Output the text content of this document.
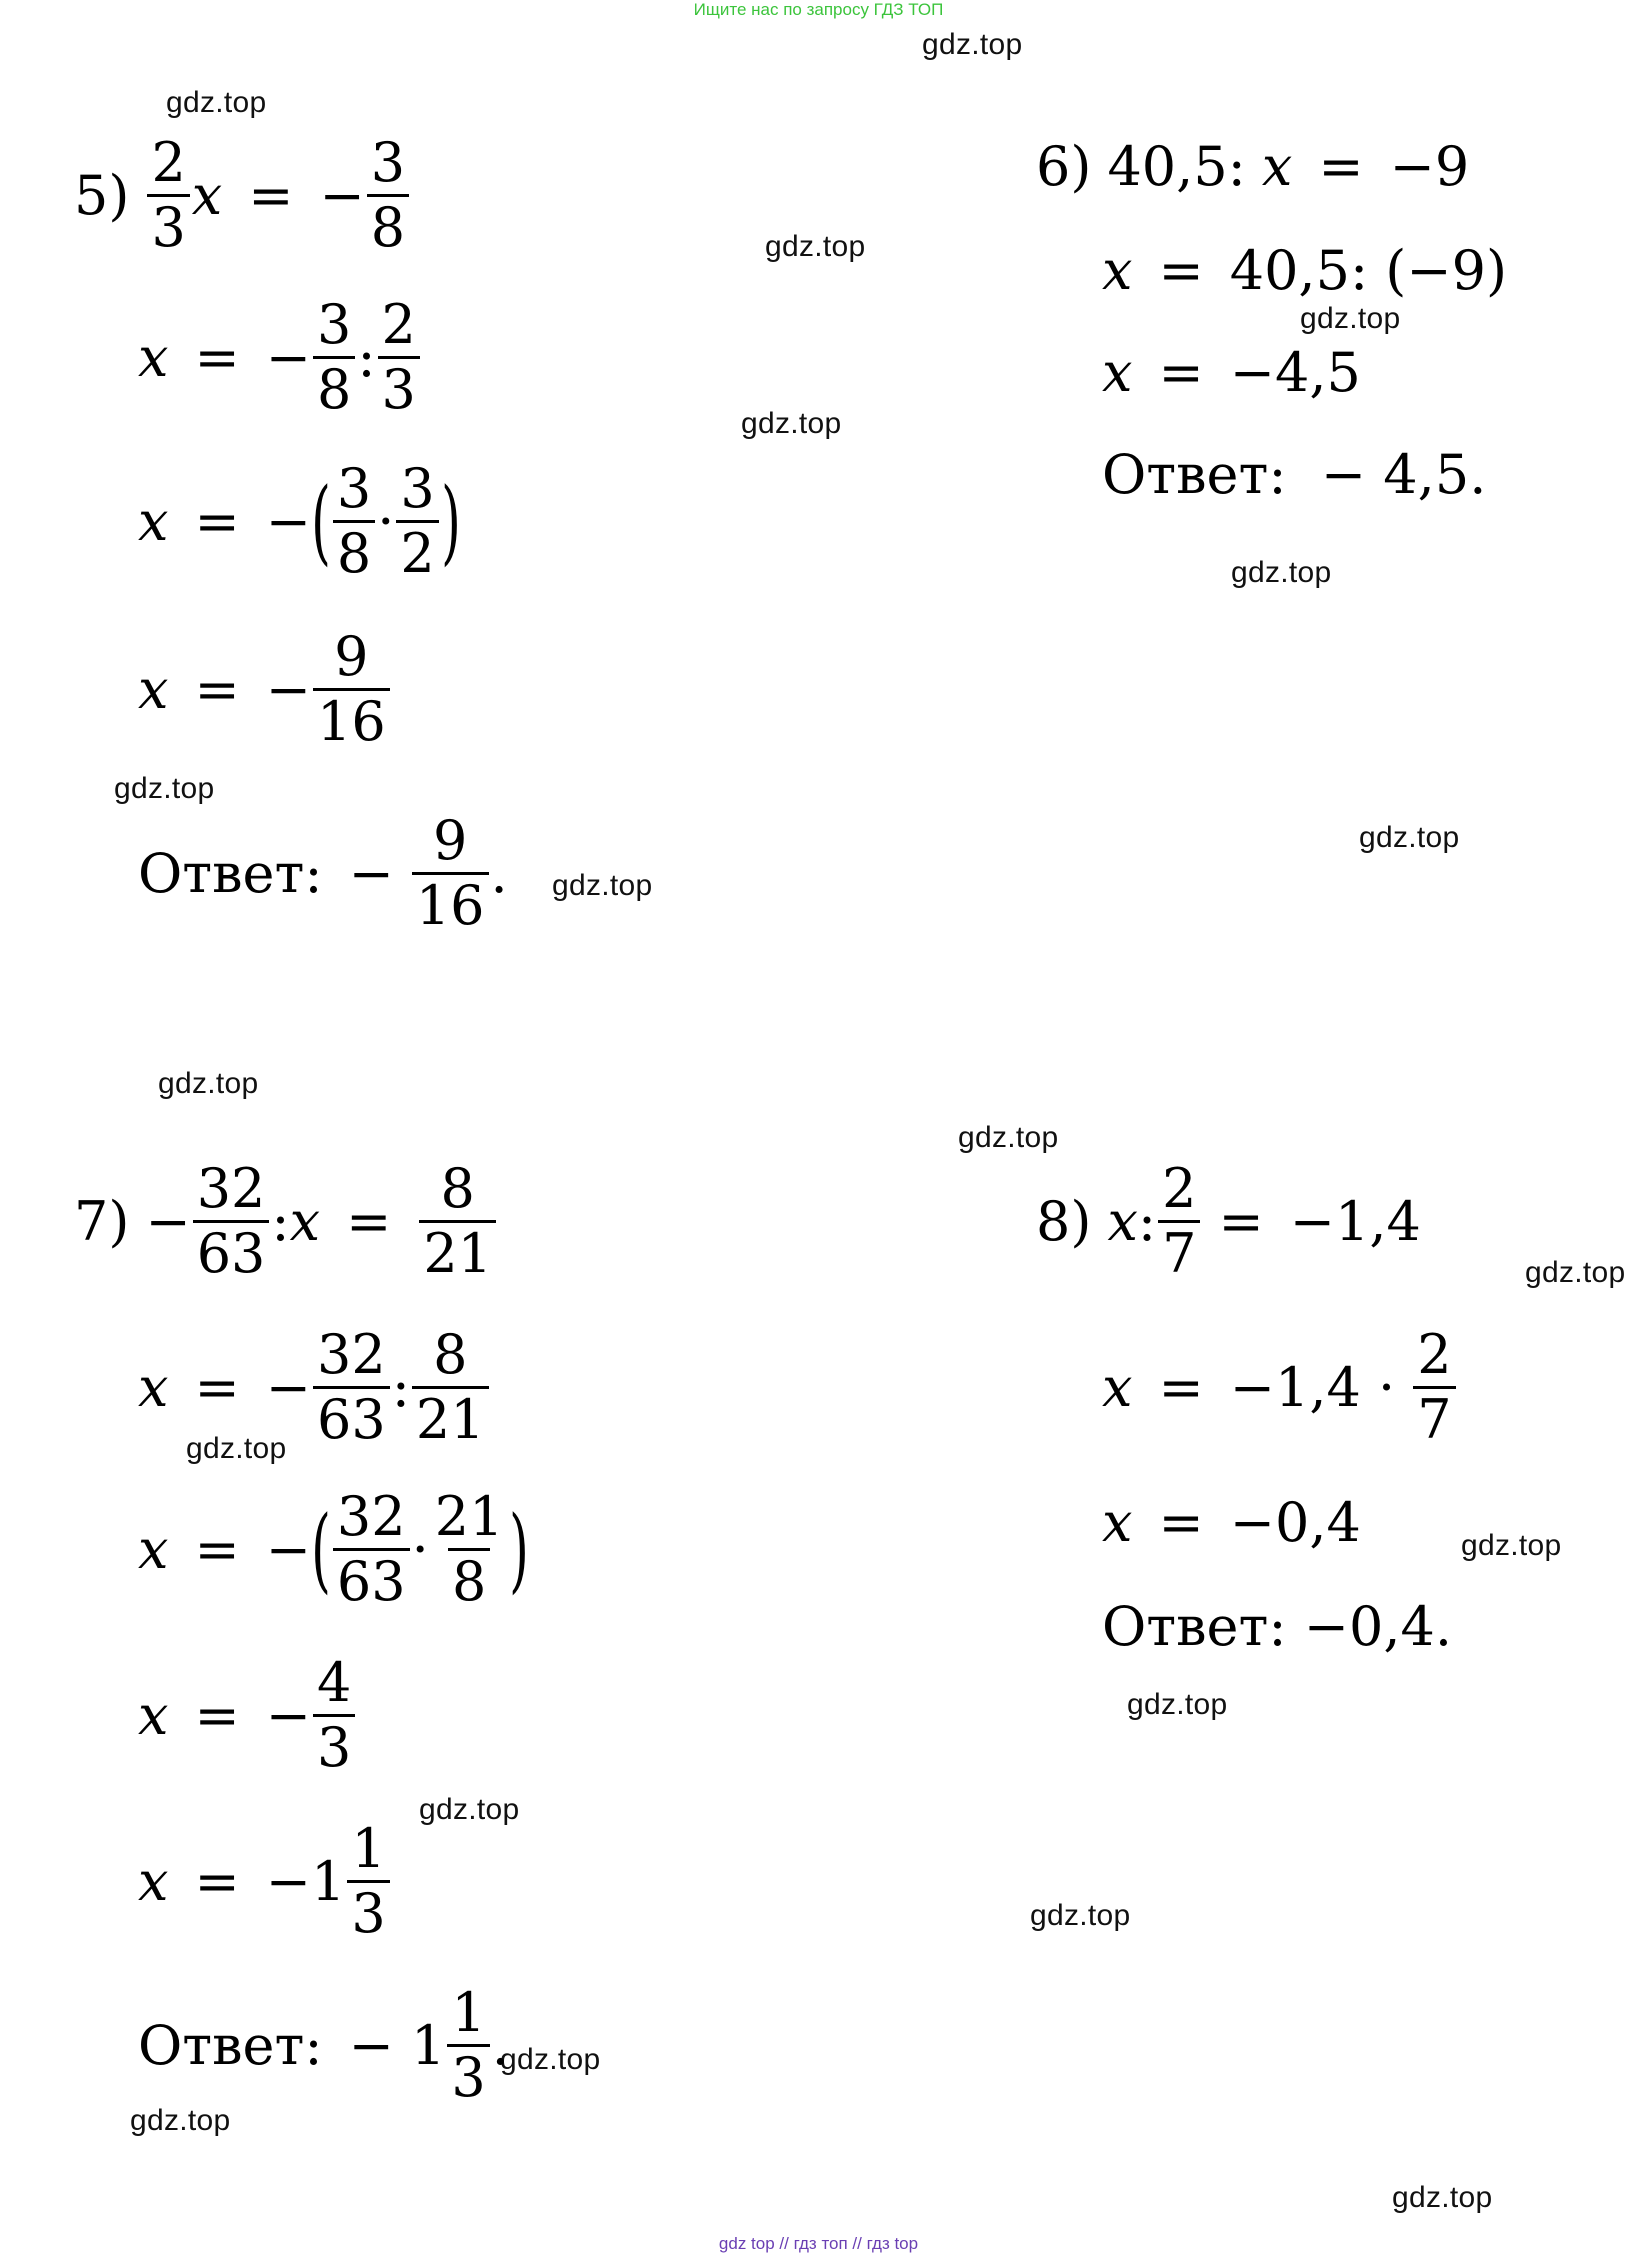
Ищите нас по запросу ГДЗ ТОП
gdz top // гдз топ // гдз top
gdz.top
gdz.top
gdz.top
gdz.top
gdz.top
gdz.top
gdz.top
gdz.top
gdz.top
gdz.top
gdz.top
gdz.top
gdz.top
gdz.top
gdz.top
gdz.top
gdz.top
gdz.top
gdz.top
gdz.top
$5) \frac{2}{3}$ x = − $\frac{3}{8}$
x = − $\frac{3}{8}$ : $\frac{2}{3}$
x = − ( $\frac{3}{8} \cdot \frac{3}{2}$ )
x = − $\frac{9}{16}$
Ответ: − $\frac{9}{16}$ .
6) 40,5: x = −9
x = 40,5: (−9)
x = −4,5
Ответ:  − 4,5.
$7) - \frac{32}{63}$ : $x = \frac{8}{21}$
x = − $\frac{32}{63}$ : $\frac{8}{21}$
x = − ( $\frac{32}{63} \cdot \frac{21}{8}$ )
x = − $\frac{4}{3}$
$x = -1 \frac{1}{3}$
Ответ: − $1 \frac{1}{3}$ .
8) x : $\frac{2}{7} = -1,4$
$x = -1,4 \cdot \frac{2}{7}$
x = −0,4
Ответ: −0,4.
